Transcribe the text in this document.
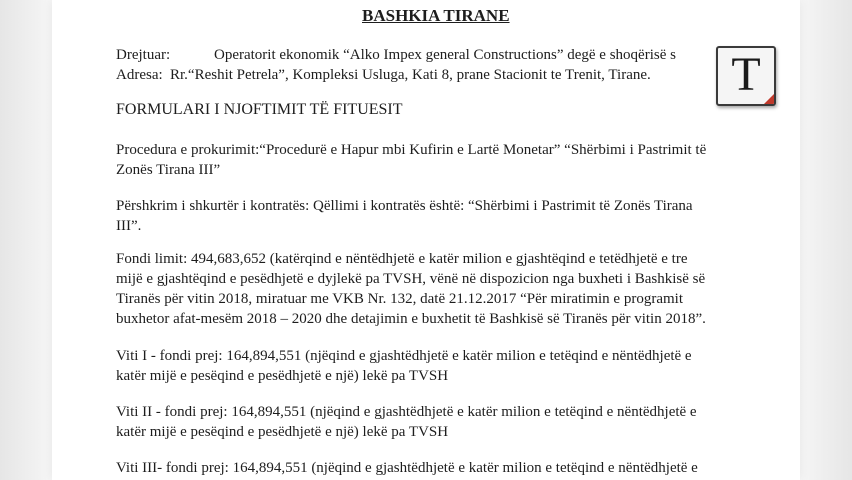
BASHKIA TIRANE
Drejtuar:	Operatorit ekonomik “Alko Impex general Constructions” degë e shoqërisë s
Adresa: Rr.“Reshit Petrela”, Kompleksi Usluga, Kati 8, prane Stacionit te Trenit, Tirane.
FORMULARI I NJOFTIMIT TË FITUESIT
Procedura e prokurimit:“Procedurë e Hapur mbi Kufirin e Lartë Monetar” “Shërbimi i Pastrimit të
Zonës Tirana III”
Përshkrim i shkurtër i kontratës: Qëllimi i kontratës është: “Shërbimi i Pastrimit të Zonës Tirana
III”.
Fondi limit: 494,683,652 (katërqind e nëntëdhjetë e katër milion e gjashtëqind e tetëdhjetë e tre
mijë e gjashtëqind e pesëdhjetë e dyjlekë pa TVSH, vënë në dispozicion nga buxheti i Bashkisë së
Tiranës për vitin 2018, miratuar me VKB Nr. 132, datë 21.12.2017 “Për miratimin e programit
buxhetor afat-mesëm 2018 – 2020 dhe detajimin e buxhetit të Bashkisë së Tiranës për vitin 2018”.
Viti I - fondi prej: 164,894,551 (njëqind e gjashtëdhjetë e katër milion e tetëqind e nëntëdhjetë e
katër mijë e pesëqind e pesëdhjetë e një) lekë pa TVSH
Viti II - fondi prej: 164,894,551 (njëqind e gjashtëdhjetë e katër milion e tetëqind e nëntëdhjetë e
katër mijë e pesëqind e pesëdhjetë e një) lekë pa TVSH
Viti III- fondi prej: 164,894,551 (njëqind e gjashtëdhjetë e katër milion e tetëqind e nëntëdhjetë e
T
